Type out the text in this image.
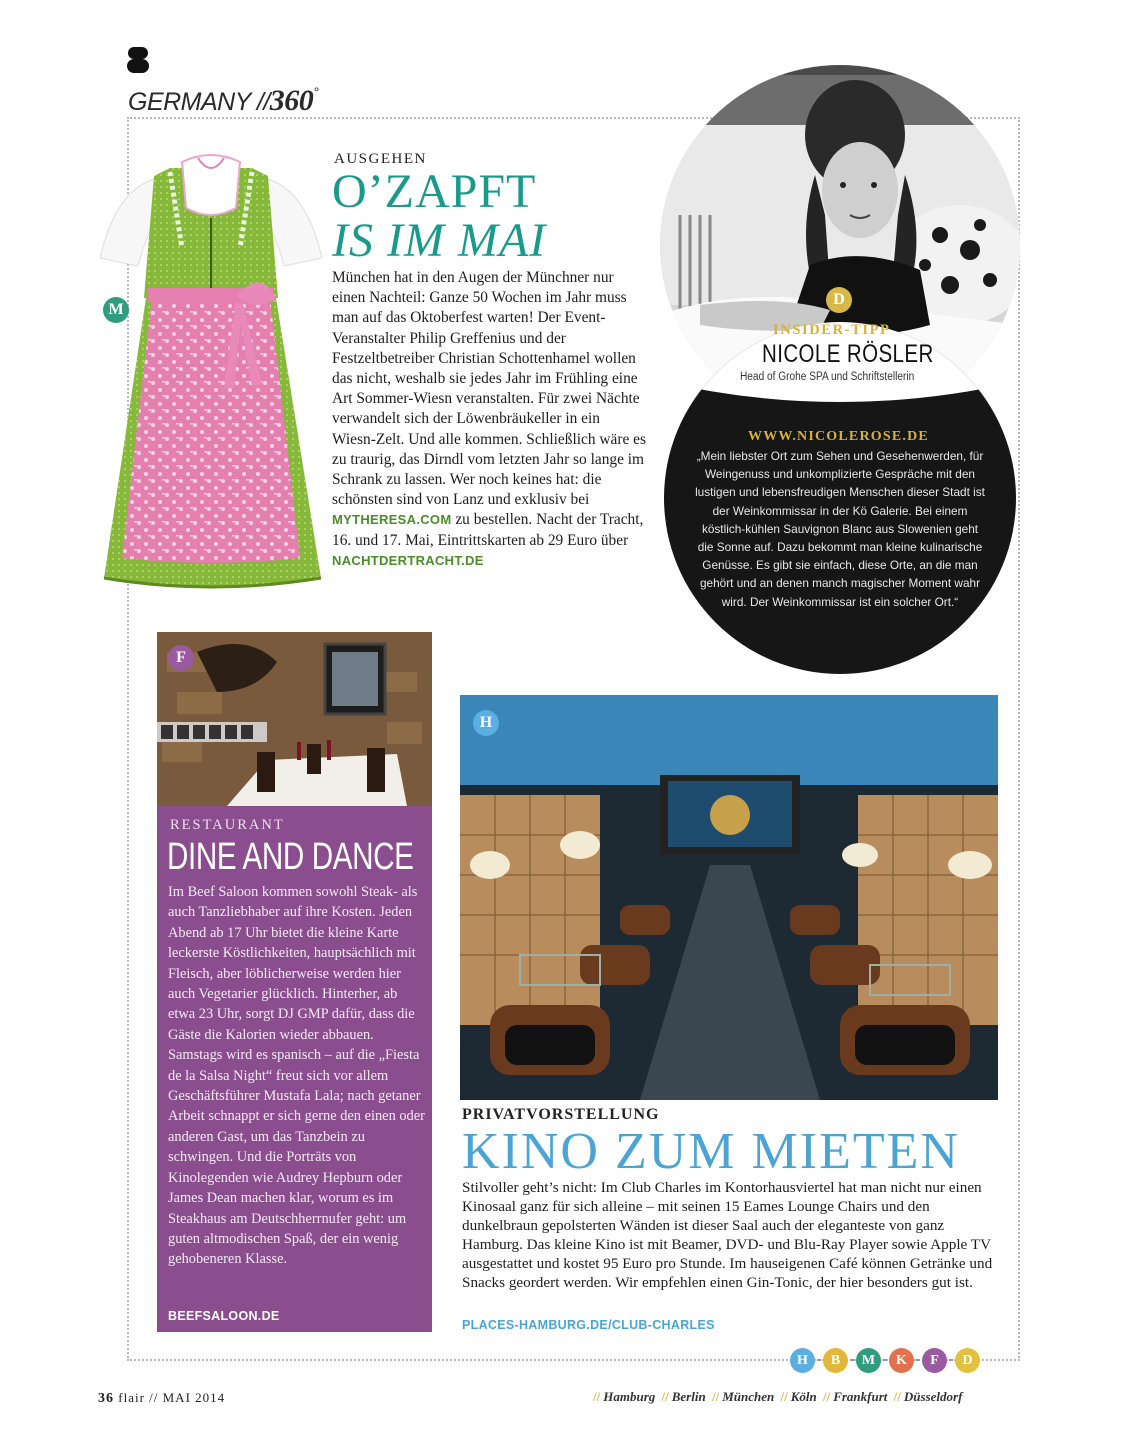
GERMANY //360°
M
AUSGEHEN
O’ZAPFT
IS IM MAI
München hat in den Augen der Münchner nur einen Nachteil: Ganze 50 Wochen im Jahr muss man auf das Oktoberfest warten! Der Event-Veranstalter Philip Greffenius und der Festzeltbetreiber Christian Schottenhamel wollen das nicht, weshalb sie jedes Jahr im Frühling eine Art Sommer-Wiesn veranstalten. Für zwei Nächte verwandelt sich der Löwenbräukeller in ein Wiesn-Zelt. Und alle kommen. Schließlich wäre es zu traurig, das Dirndl vom letzten Jahr so lange im Schrank zu lassen. Wer noch keines hat: die schönsten sind von Lanz und exklusiv bei MYTHERESA.COM zu bestellen. Nacht der Tracht, 16. und 17. Mai, Eintrittskarten ab 29 Euro über NACHTDERTRACHT.DE
D
INSIDER-TIPP
NICOLE RÖSLER
Head of Grohe SPA und Schriftstellerin
WWW.NICOLEROSE.DE
„Mein liebster Ort zum Sehen und Gesehenwerden, für Weingenuss und unkomplizierte Gespräche mit den lustigen und lebensfreudigen Menschen dieser Stadt ist der Weinkommissar in der Kö Galerie. Bei einem köstlich-kühlen Sauvignon Blanc aus Slowenien geht die Sonne auf. Dazu bekommt man kleine kulinarische Genüsse. Es gibt sie einfach, diese Orte, an die man gehört und an denen manch magischer Moment wahr wird. Der Weinkommissar ist ein solcher Ort.“
F
RESTAURANT
DINE AND DANCE
Im Beef Saloon kommen sowohl Steak- als auch Tanzliebhaber auf ihre Kosten. Jeden Abend ab 17 Uhr bietet die kleine Karte leckerste Köstlichkeiten, hauptsächlich mit Fleisch, aber löblicherweise werden hier auch Vegetarier glücklich. Hinterher, ab etwa 23 Uhr, sorgt DJ GMP dafür, dass die Gäste die Kalorien wieder abbauen. Samstags wird es spanisch – auf die „Fiesta de la Salsa Night“ freut sich vor allem Geschäftsführer Mustafa Lala; nach getaner Arbeit schnappt er sich gerne den einen oder anderen Gast, um das Tanzbein zu schwingen. Und die Porträts von Kinolegenden wie Audrey Hepburn oder James Dean machen klar, worum es im Steakhaus am Deutschherrnufer geht: um guten altmodischen Spaß, der ein wenig gehobeneren Klasse.
BEEFSALOON.DE
H
PRIVATVORSTELLUNG
KINO ZUM MIETEN
Stilvoller geht’s nicht: Im Club Charles im Kontorhausviertel hat man nicht nur einen Kinosaal ganz für sich alleine – mit seinen 15 Eames Lounge Chairs und den dunkelbraun gepolsterten Wänden ist dieser Saal auch der eleganteste von ganz Hamburg. Das kleine Kino ist mit Beamer, DVD- und Blu-Ray Player sowie Apple TV ausgestattet und kostet 95 Euro pro Stunde. Im hauseigenen Café können Getränke und Snacks geordert werden. Wir empfehlen einen Gin-Tonic, der hier besonders gut ist.
PLACES-HAMBURG.DE/CLUB-CHARLES
H	B	M	K	F	D
36 flair // MAI 2014	// Hamburg // Berlin // München // Köln // Frankfurt // Düsseldorf
